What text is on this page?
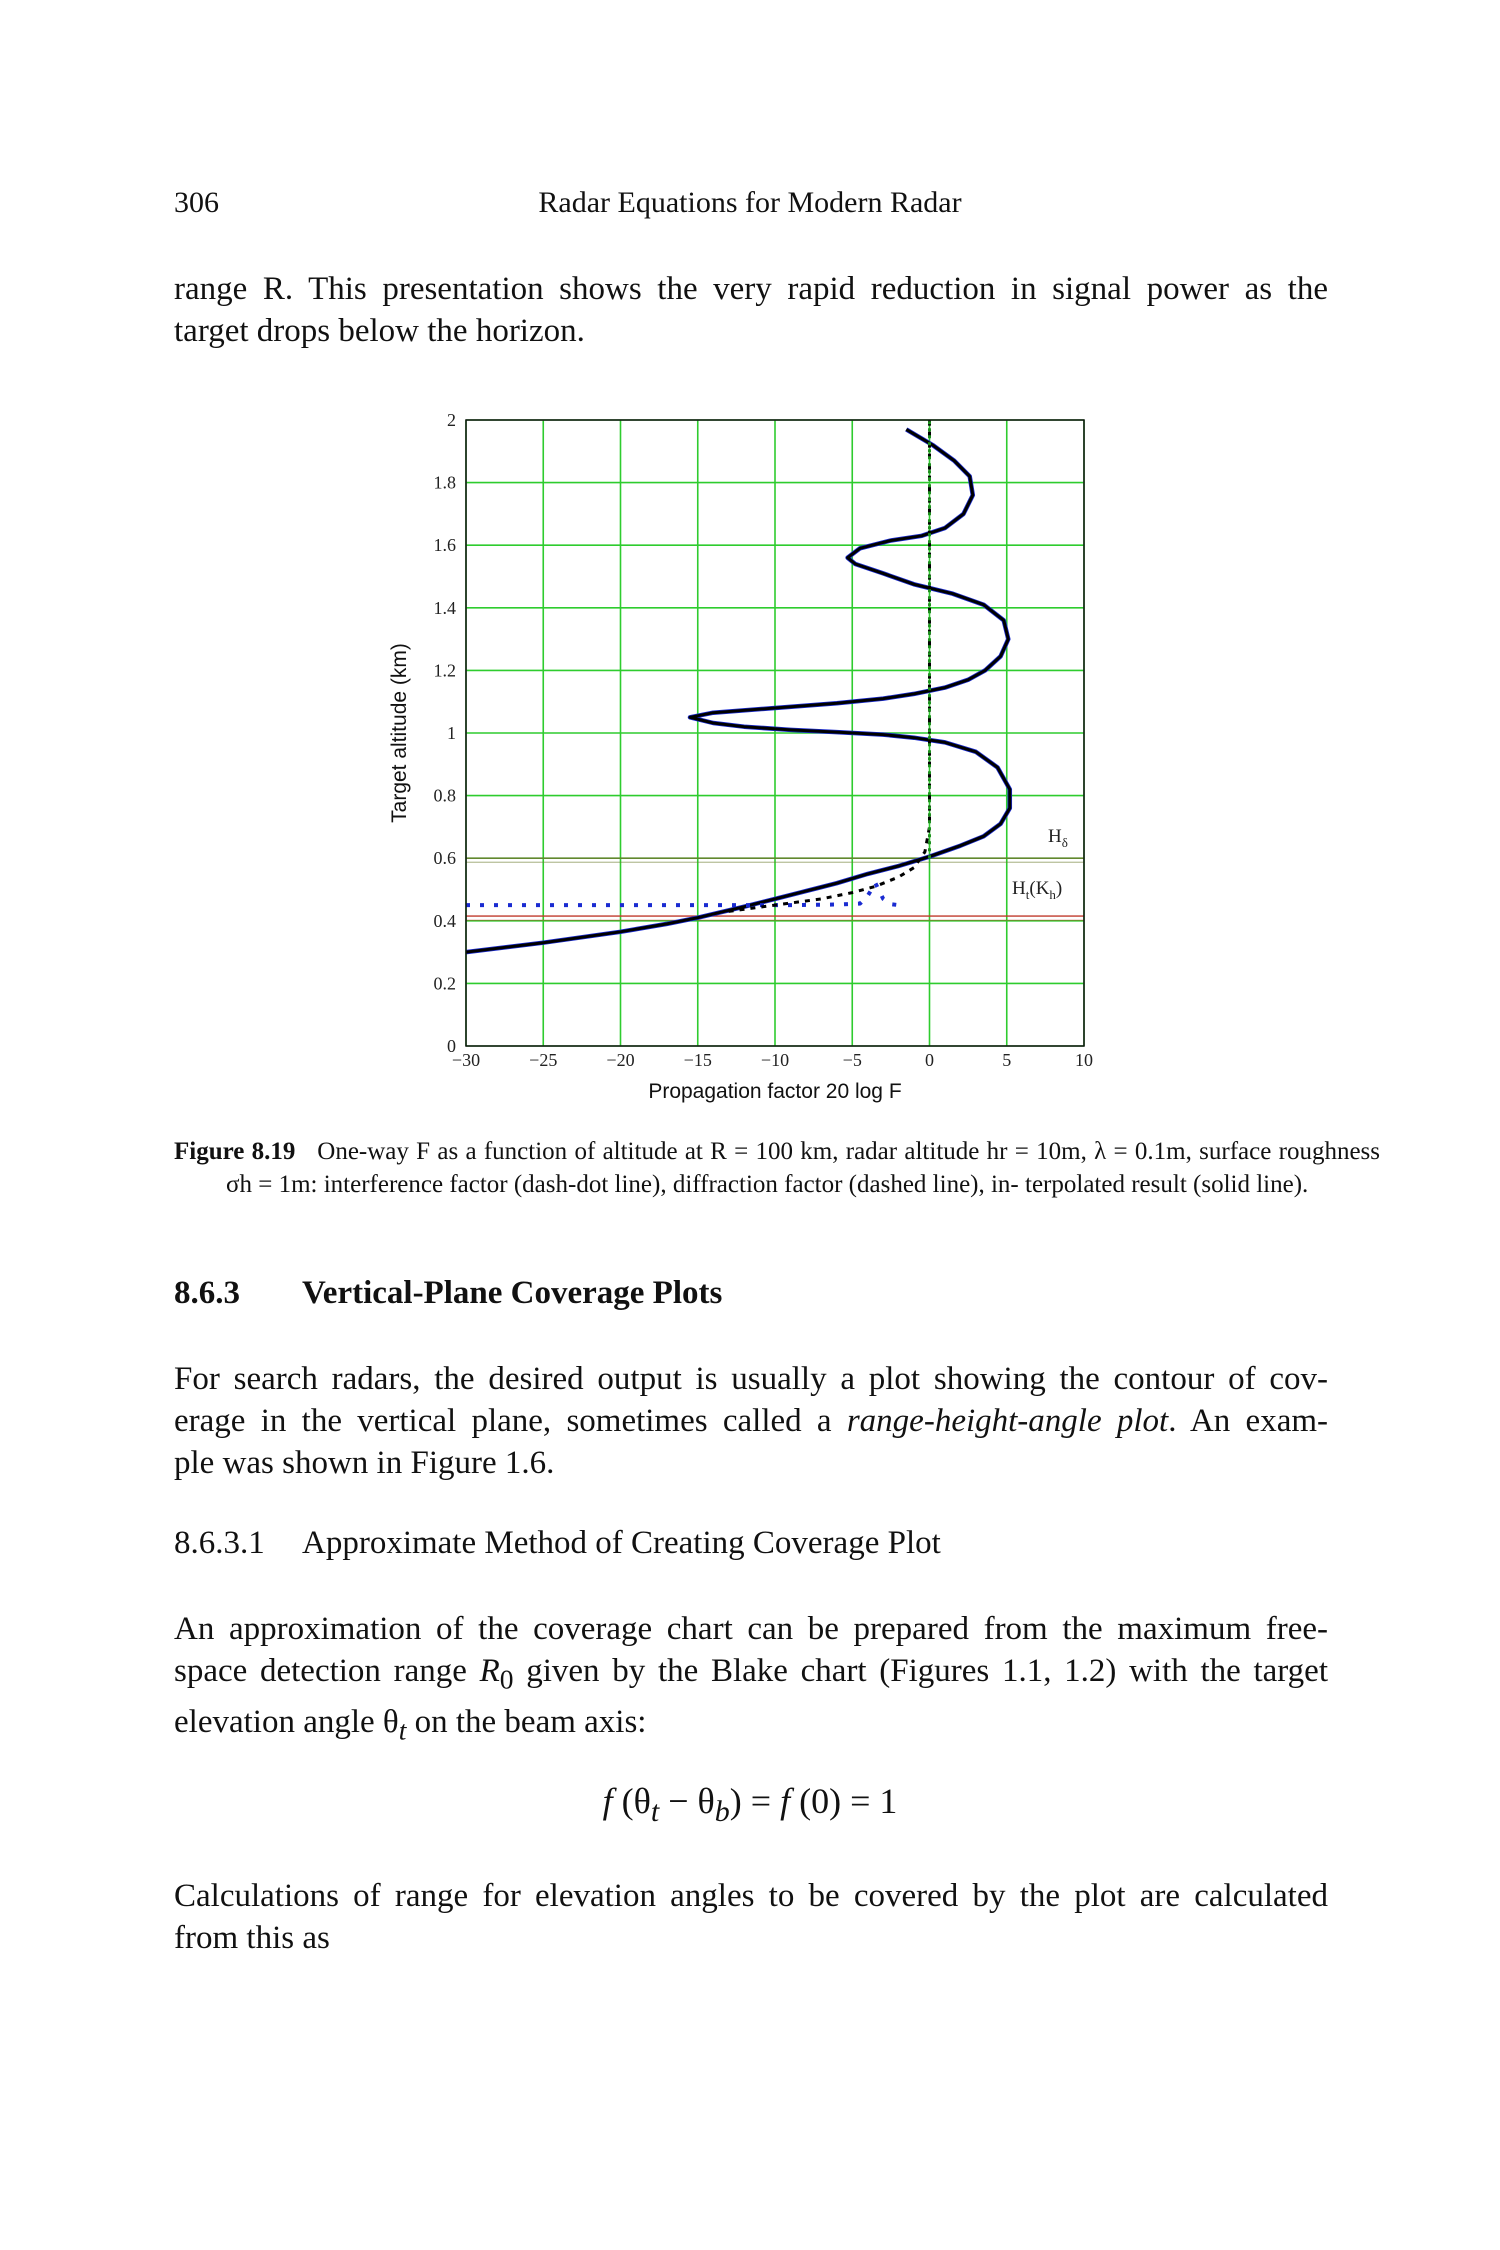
306	Radar Equations for Modern Radar
range R. This presentation shows the very rapid reduction in signal power as the
target drops below the horizon.
−30	−25	−20	−15	−10	−5	0	5	10
0
0.2
0.4
0.6
0.8
1
1.2
1.4
1.6
1.8
2
Propagation factor 20 log F
Target altitude (km)
$H_\delta$
$H_t(K_h)$
Figure 8.19 One-way F as a function of altitude at R = 100 km, radar altitude hr = 10m, λ = 0.1m, surface roughness σh = 1m: interference factor (dash-dot line), diffraction factor (dashed line), in- terpolated result (solid line).
8.6.3 Vertical-Plane Coverage Plots
For search radars, the desired output is usually a plot showing the contour of cov-
erage in the vertical plane, sometimes called a range-height-angle plot. An exam-
ple was shown in Figure 1.6.
8.6.3.1 Approximate Method of Creating Coverage Plot
An approximation of the coverage chart can be prepared from the maximum free-
space detection range $R_0$ given by the Blake chart (Figures 1.1, 1.2) with the target
elevation angle $\theta_t$ on the beam axis:
f $(\theta_t - \theta_b) = f$ (0) = 1
Calculations of range for elevation angles to be covered by the plot are calculated
from this as
